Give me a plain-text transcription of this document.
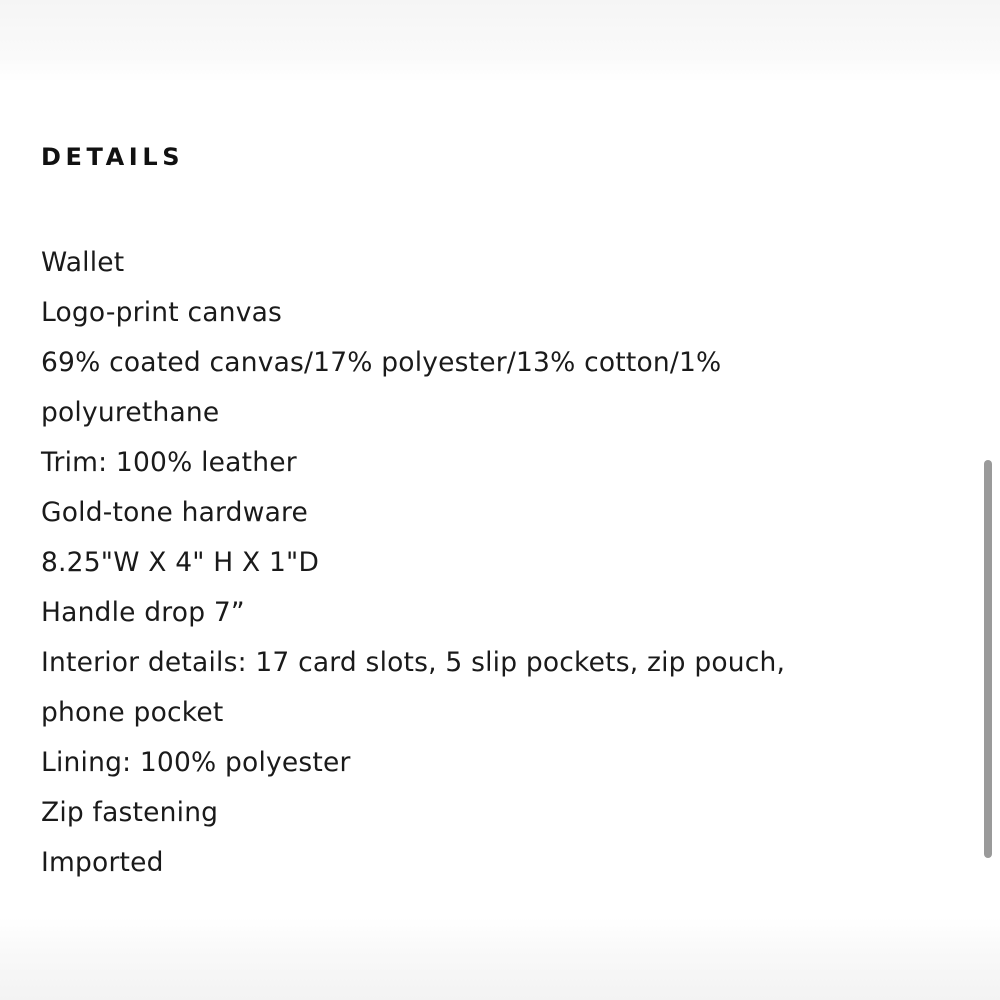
DETAILS
Wallet
Logo-print canvas
69% coated canvas/17% polyester/13% cotton/1% polyurethane
Trim: 100% leather
Gold-tone hardware
8.25"W X 4" H X 1"D
Handle drop 7”
Interior details: 17 card slots, 5 slip pockets, zip pouch, phone pocket
Lining: 100% polyester
Zip fastening
Imported
